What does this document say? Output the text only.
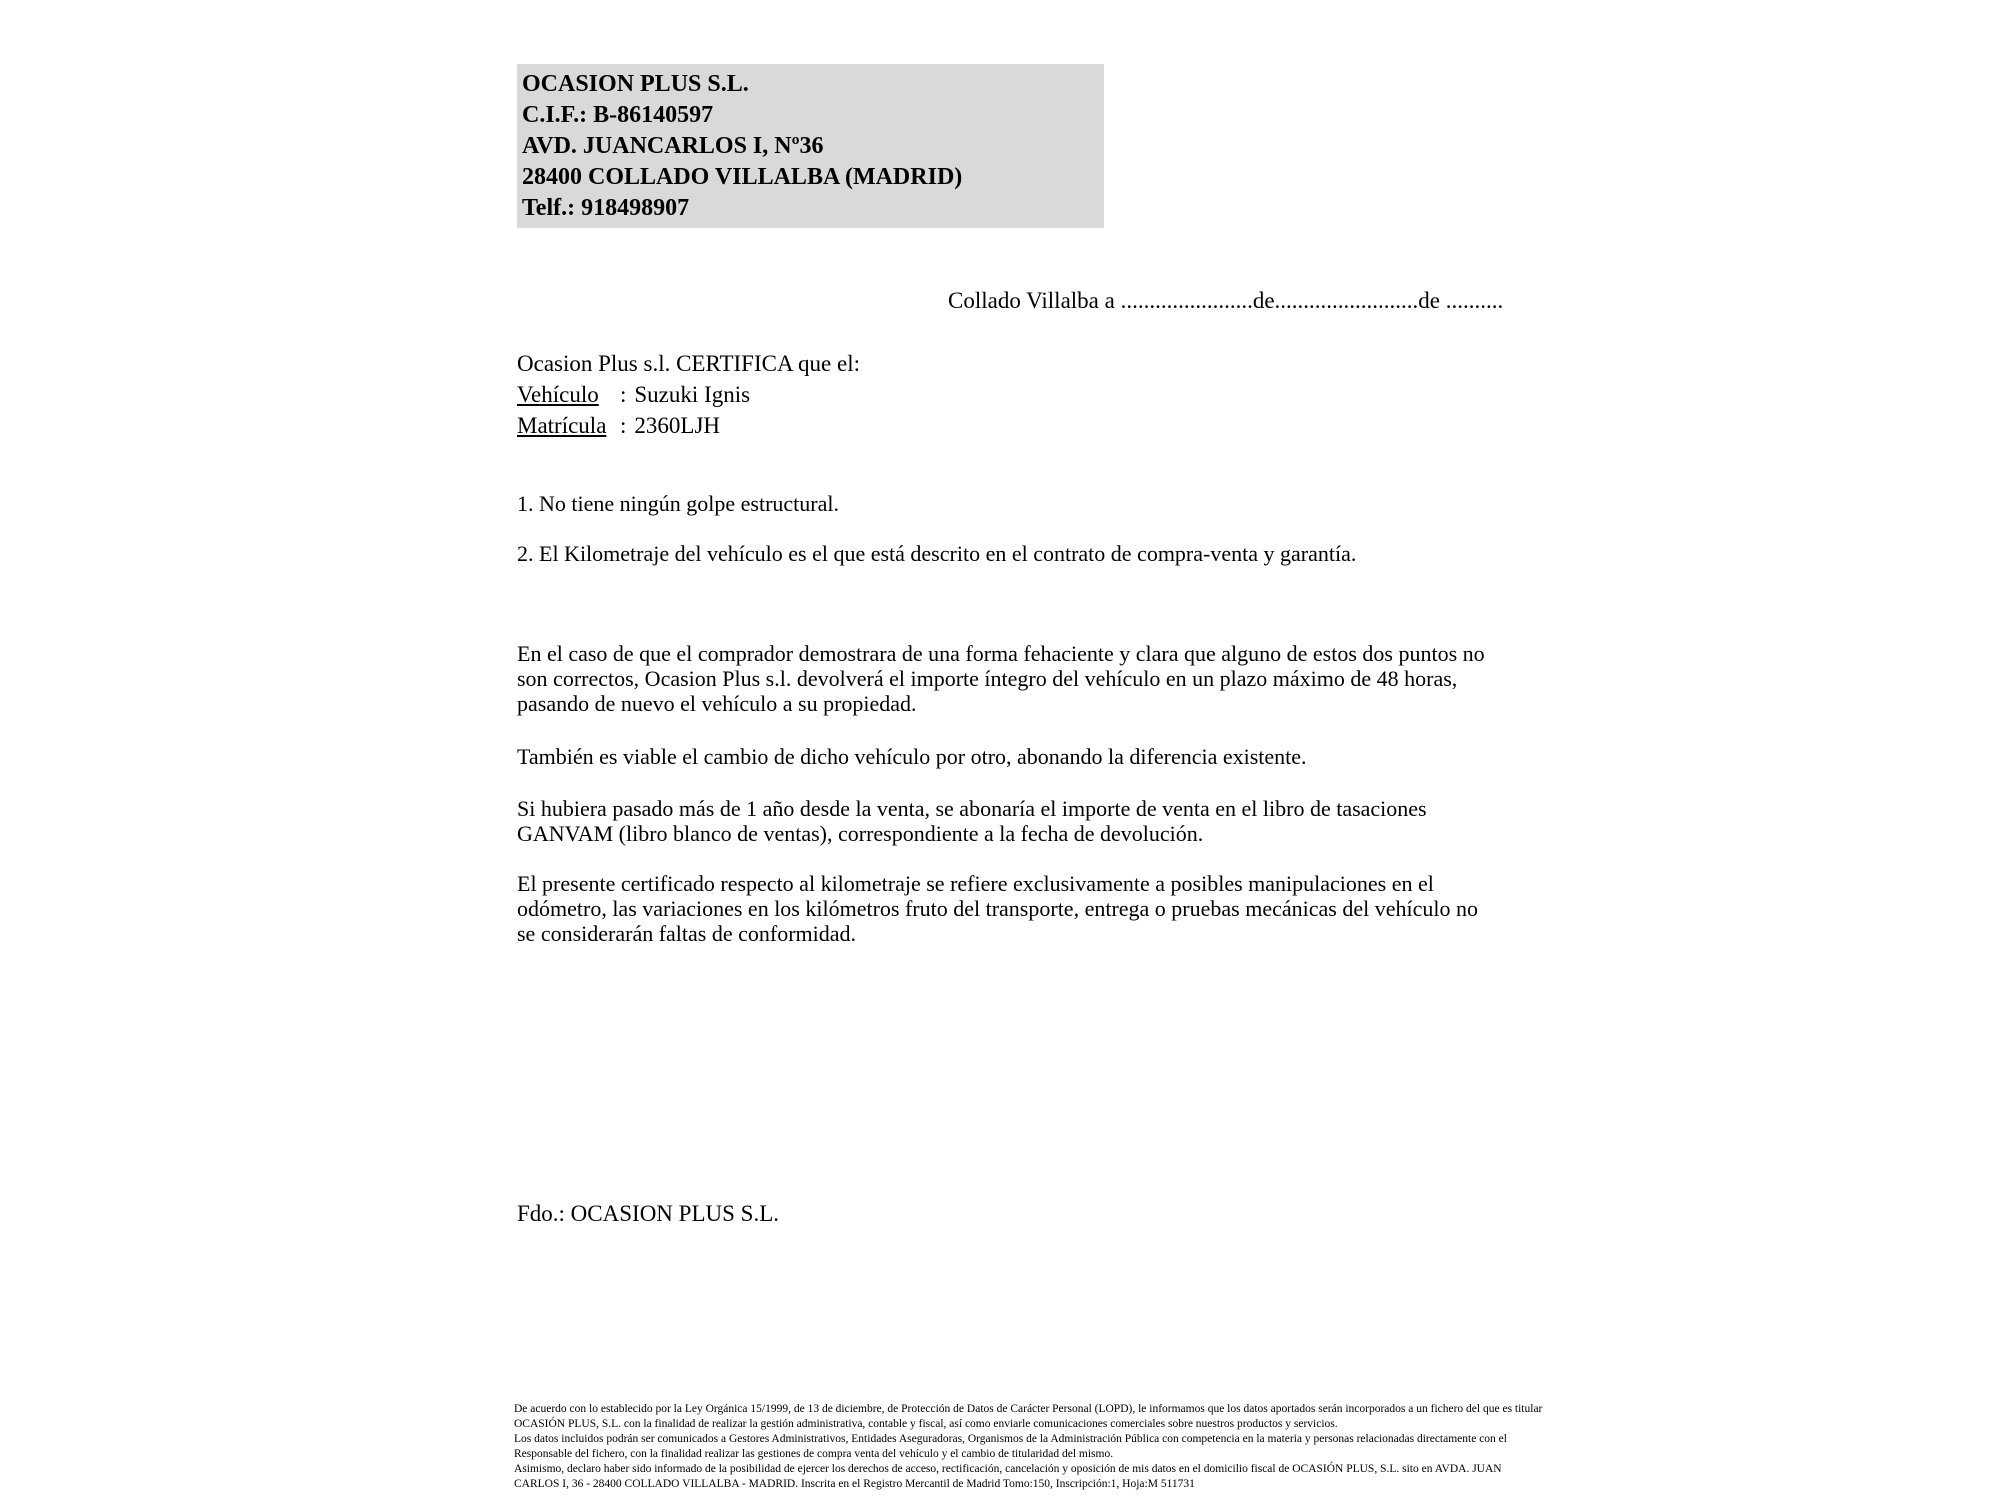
OCASION PLUS S.L.
C.I.F.: B-86140597
AVD. JUANCARLOS I, Nº36
28400 COLLADO VILLALBA (MADRID)
Telf.: 918498907
Collado Villalba a .......................de.........................de ..........
Ocasion Plus s.l. CERTIFICA que el:
Vehículo : Suzuki Ignis
Matrícula : 2360LJH
1. No tiene ningún golpe estructural.
2. El Kilometraje del vehículo es el que está descrito en el contrato de compra-venta y garantía.
En el caso de que el comprador demostrara de una forma fehaciente y clara que alguno de estos dos puntos no
son correctos, Ocasion Plus s.l. devolverá el importe íntegro del vehículo en un plazo máximo de 48 horas,
pasando de nuevo el vehículo a su propiedad.
También es viable el cambio de dicho vehículo por otro, abonando la diferencia existente.
Si hubiera pasado más de 1 año desde la venta, se abonaría el importe de venta en el libro de tasaciones
GANVAM (libro blanco de ventas), correspondiente a la fecha de devolución.
El presente certificado respecto al kilometraje se refiere exclusivamente a posibles manipulaciones en el
odómetro, las variaciones en los kilómetros fruto del transporte, entrega o pruebas mecánicas del vehículo no
se considerarán faltas de conformidad.
Fdo.: OCASION PLUS S.L.
De acuerdo con lo establecido por la Ley Orgánica 15/1999, de 13 de diciembre, de Protección de Datos de Carácter Personal (LOPD), le informamos que los datos aportados serán incorporados a un fichero del que es titular
OCASIÓN PLUS, S.L. con la finalidad de realizar la gestión administrativa, contable y fiscal, así como enviarle comunicaciones comerciales sobre nuestros productos y servicios.
Los datos incluidos podrán ser comunicados a Gestores Administrativos, Entidades Aseguradoras, Organismos de la Administración Pública con competencia en la materia y personas relacionadas directamente con el
Responsable del fichero, con la finalidad realizar las gestiones de compra venta del vehículo y el cambio de titularidad del mismo.
Asimismo, declaro haber sido informado de la posibilidad de ejercer los derechos de acceso, rectificación, cancelación y oposición de mis datos en el domicilio fiscal de OCASIÓN PLUS, S.L. sito en AVDA. JUAN
CARLOS I, 36 - 28400 COLLADO VILLALBA - MADRID. Inscrita en el Registro Mercantil de Madrid Tomo:150, Inscripción:1, Hoja:M 511731
